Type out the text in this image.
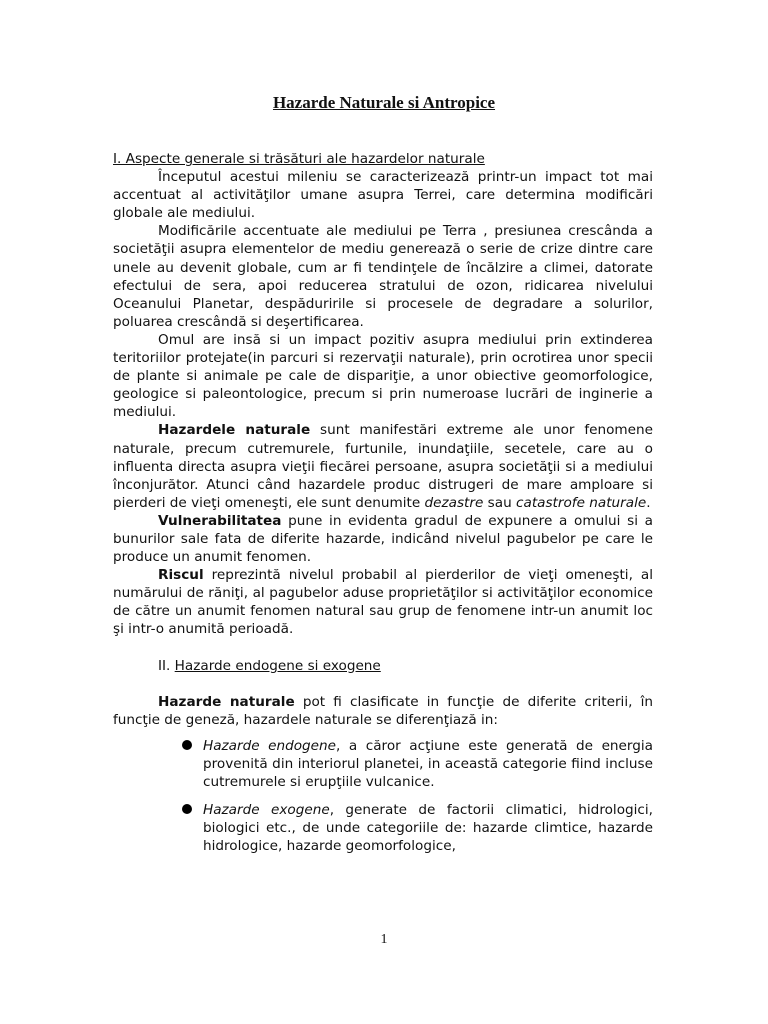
Hazarde Naturale si Antropice

I. Aspecte generale si trăsături ale hazardelor naturale

Începutul acestui mileniu se caracterizează printr-un impact tot mai accentuat al activităţilor umane asupra Terrei, care determina modificări globale ale mediului.

Modificările accentuate ale mediului pe Terra , presiunea crescânda a societăţii asupra elementelor de mediu generează o serie de crize dintre care unele au devenit globale, cum ar fi tendinţele de încălzire a climei, datorate efectului de sera, apoi reducerea stratului de ozon, ridicarea nivelului Oceanului Planetar, despăduririle si procesele de degradare a solurilor, poluarea crescândă si deşertificarea.

Omul are insă si un impact pozitiv asupra mediului prin extinderea teritoriilor protejate(in parcuri si rezervaţii naturale), prin ocrotirea unor specii de plante si animale pe cale de dispariţie, a unor obiective geomorfologice, geologice si paleontologice, precum si prin numeroase lucrări de inginerie a mediului.

Hazardele naturale sunt manifestări extreme ale unor fenomene naturale, precum cutremurele, furtunile, inundaţiile, secetele, care au o influenta directa asupra vieţii fiecărei persoane, asupra societăţii si a mediului înconjurător. Atunci când hazardele produc distrugeri de mare amploare si pierderi de vieţi omeneşti, ele sunt denumite dezastre sau catastrofe naturale.

Vulnerabilitatea pune in evidenta gradul de expunere a omului si a bunurilor sale fata de diferite hazarde, indicând nivelul pagubelor pe care le produce un anumit fenomen.

Riscul reprezintă nivelul probabil al pierderilor de vieţi omeneşti, al numărului de răniţi, al pagubelor aduse proprietăţilor si activităţilor economice de către un anumit fenomen natural sau grup de fenomene intr-un anumit loc şi intr-o anumită perioadă.

II. Hazarde endogene si exogene

Hazarde naturale pot fi clasificate in funcţie de diferite criterii, în funcţie de geneză, hazardele naturale se diferenţiază in:

Hazarde endogene, a căror acţiune este generată de energia provenită din interiorul planetei, in această categorie fiind incluse cutremurele si erupţiile vulcanice.
Hazarde exogene, generate de factorii climatici, hidrologici, biologici etc., de unde categoriile de: hazarde climtice, hazarde hidrologice, hazarde geomorfologice,
1
